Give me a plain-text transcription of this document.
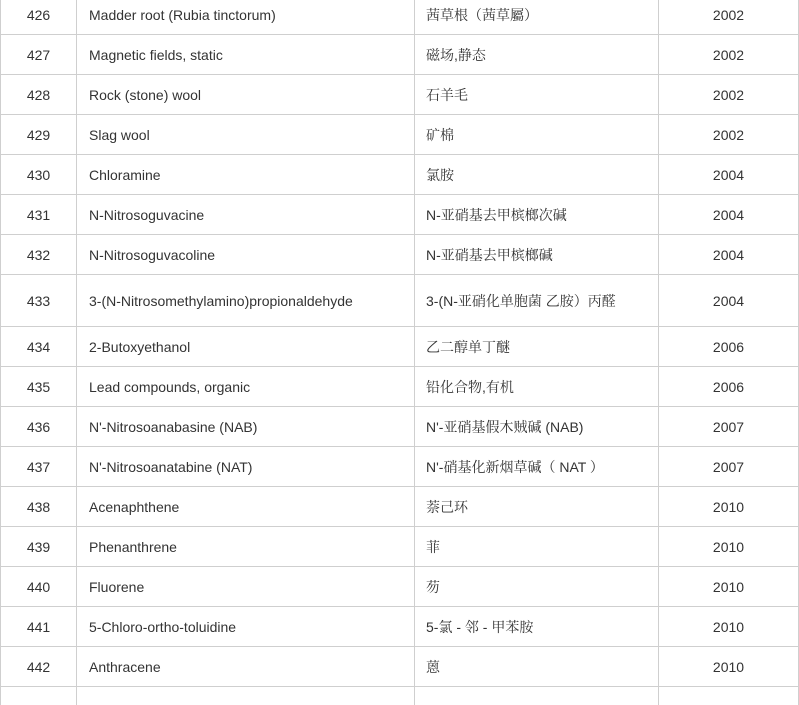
426	Madder root (Rubia tinctorum)	茜草根（茜草屬）	2002
427	Magnetic fields, static	磁场,静态	2002
428	Rock (stone) wool	石羊毛	2002
429	Slag wool	矿棉	2002
430	Chloramine	氯胺	2004
431	N-Nitrosoguvacine	N-亚硝基去甲槟榔次碱	2004
432	N-Nitrosoguvacoline	N-亚硝基去甲槟榔碱	2004
433	3-(N-Nitrosomethylamino)propionaldehyde	3-(N-亚硝化单胞菌 乙胺）丙醛	2004
434	2-Butoxyethanol	乙二醇单丁醚	2006
435	Lead compounds, organic	铅化合物,有机	2006
436	N'-Nitrosoanabasine (NAB)	N'-亚硝基假木贼碱 (NAB)	2007
437	N'-Nitrosoanatabine (NAT)	N'-硝基化新烟草碱（ NAT ）	2007
438	Acenaphthene	萘己环	2010
439	Phenanthrene	菲	2010
440	Fluorene	芴	2010
441	5-Chloro-ortho-toluidine	5-氯 - 邻 - 甲苯胺	2010
442	Anthracene	蒽	2010
